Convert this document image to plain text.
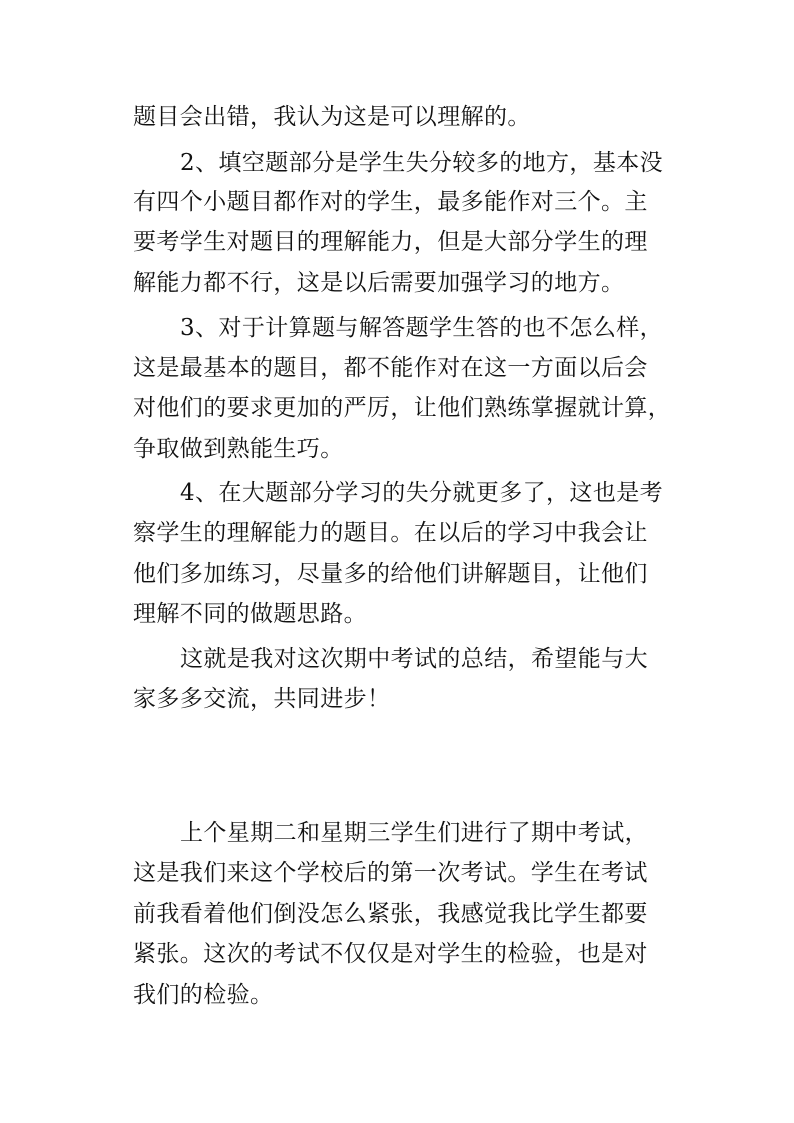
题目会出错，我认为这是可以理解的。
2、填空题部分是学生失分较多的地方，基本没
有四个小题目都作对的学生，最多能作对三个。主
要考学生对题目的理解能力，但是大部分学生的理
解能力都不行，这是以后需要加强学习的地方。
3、对于计算题与解答题学生答的也不怎么样，
这是最基本的题目，都不能作对在这一方面以后会
对他们的要求更加的严厉，让他们熟练掌握就计算，
争取做到熟能生巧。
4、在大题部分学习的失分就更多了，这也是考
察学生的理解能力的题目。在以后的学习中我会让
他们多加练习，尽量多的给他们讲解题目，让他们
理解不同的做题思路。
这就是我对这次期中考试的总结，希望能与大
家多多交流，共同进步！
上个星期二和星期三学生们进行了期中考试，
这是我们来这个学校后的第一次考试。学生在考试
前我看着他们倒没怎么紧张，我感觉我比学生都要
紧张。这次的考试不仅仅是对学生的检验，也是对
我们的检验。
